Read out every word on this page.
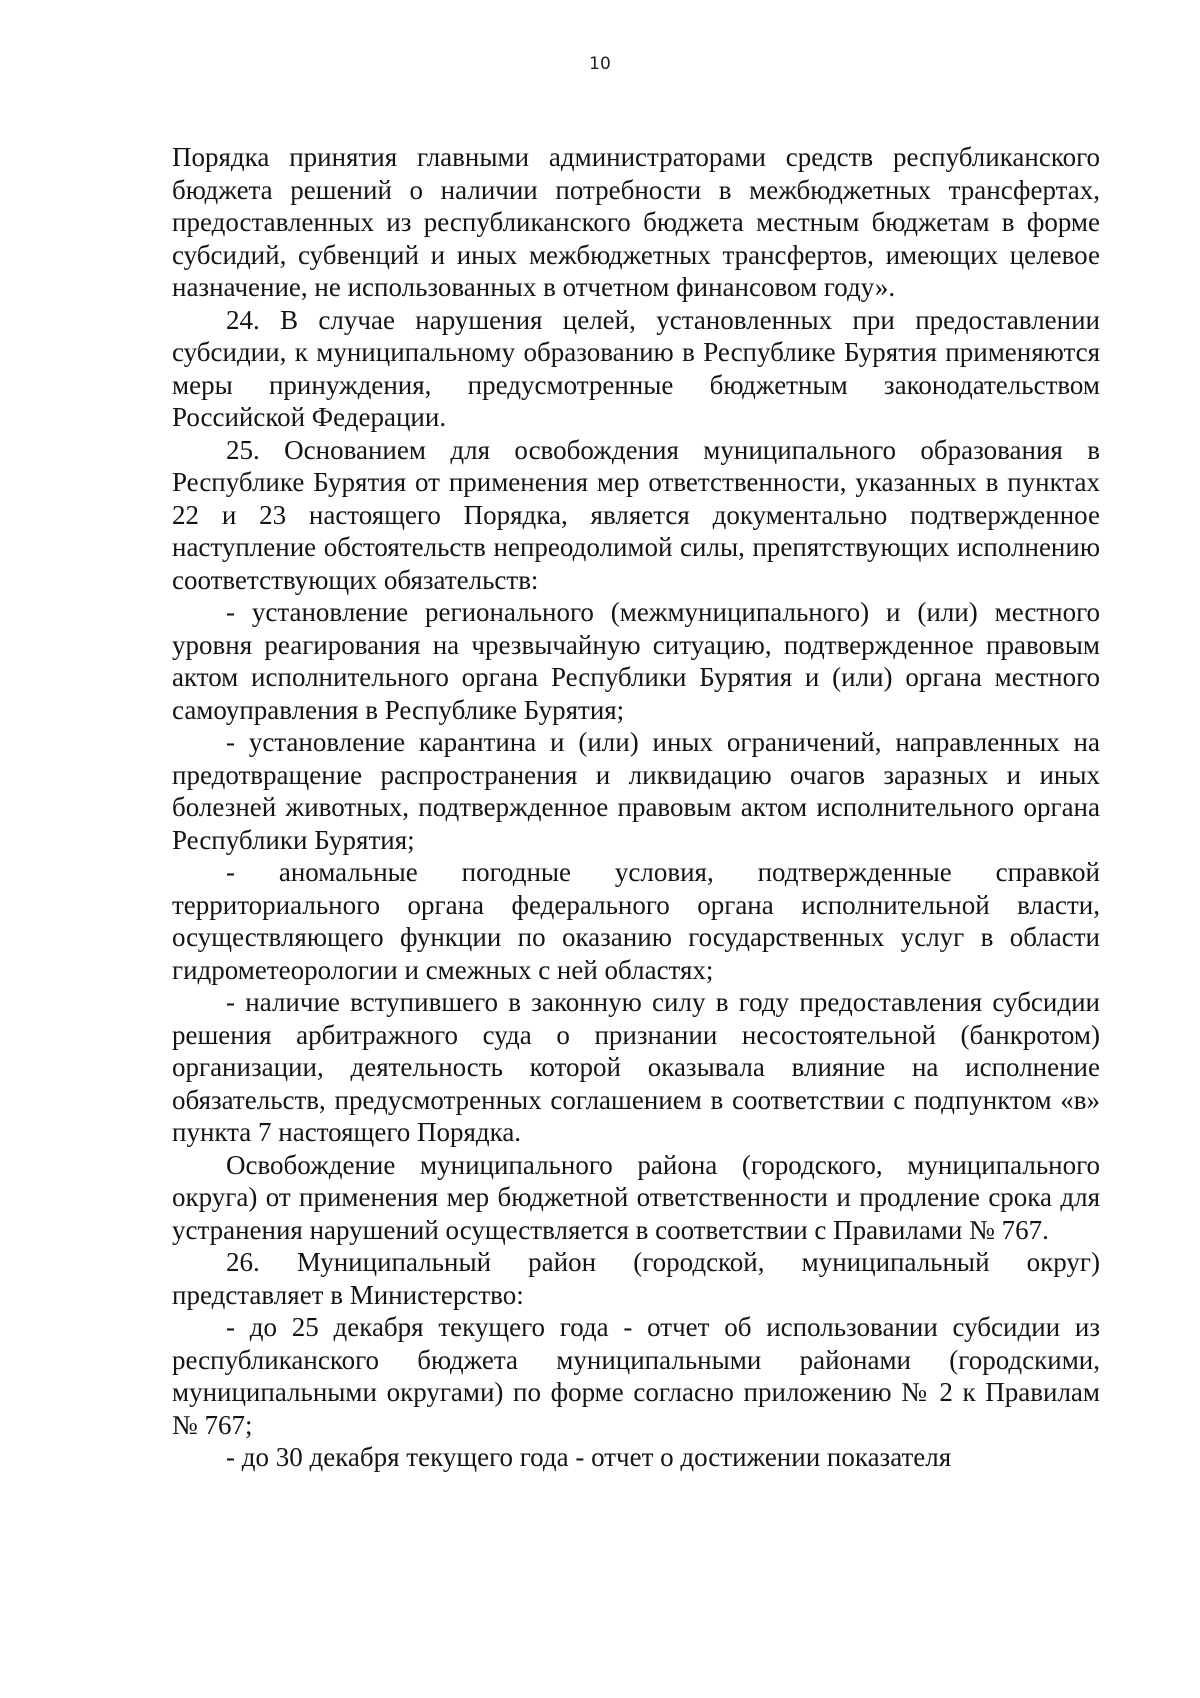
10

Порядка принятия главными администраторами средств республиканского бюджета решений о наличии потребности в межбюджетных трансфертах, предоставленных из республиканского бюджета местным бюджетам в форме субсидий, субвенций и иных межбюджетных трансфертов, имеющих целевое назначение, не использованных в отчетном финансовом году».

24. В случае нарушения целей, установленных при предоставлении субсидии, к муниципальному образованию в Республике Бурятия применяются меры принуждения, предусмотренные бюджетным законодательством Российской Федерации.

25. Основанием для освобождения муниципального образования в Республике Бурятия от применения мер ответственности, указанных в пунктах 22 и 23 настоящего Порядка, является документально подтвержденное наступление обстоятельств непреодолимой силы, препятствующих исполнению соответствующих обязательств:

- установление регионального (межмуниципального) и (или) местного уровня реагирования на чрезвычайную ситуацию, подтвержденное правовым актом исполнительного органа Республики Бурятия и (или) органа местного самоуправления в Республике Бурятия;

- установление карантина и (или) иных ограничений, направленных на предотвращение распространения и ликвидацию очагов заразных и иных болезней животных, подтвержденное правовым актом исполнительного органа Республики Бурятия;

- аномальные погодные условия, подтвержденные справкой территориального органа федерального органа исполнительной власти, осуществляющего функции по оказанию государственных услуг в области гидрометеорологии и смежных с ней областях;

- наличие вступившего в законную силу в году предоставления субсидии решения арбитражного суда о признании несостоятельной (банкротом) организации, деятельность которой оказывала влияние на исполнение обязательств, предусмотренных соглашением в соответствии с подпунктом «в» пункта 7 настоящего Порядка.

Освобождение муниципального района (городского, муниципального округа) от применения мер бюджетной ответственности и продление срока для устранения нарушений осуществляется в соответствии с Правилами № 767.

26. Муниципальный район (городской, муниципальный округ) представляет в Министерство:

- до 25 декабря текущего года - отчет об использовании субсидии из республиканского бюджета муниципальными районами (городскими, муниципальными округами) по форме согласно приложению № 2 к Правилам № 767;

- до 30 декабря текущего года - отчет о достижении показателя
